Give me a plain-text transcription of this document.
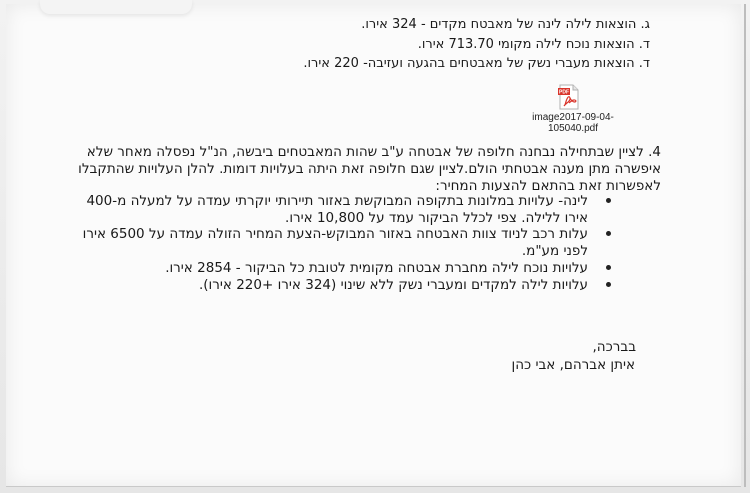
ג. הוצאות לילה לינה של מאבטח מקדים - 324 אירו.
ד. הוצאות נוכח לילה מקומי 713.70 אירו.
ד. הוצאות מעברי נשק של מאבטחים בהגעה ועזיבה- 220 אירו.
PDF
image2017-09-04-105040.pdf
4. לציין שבתחילה נבחנה חלופה של אבטחה ע"ב שהות המאבטחים ביבשה, הנ"ל נפסלה מאחר שלא
איפשרה מתן מענה אבטחתי הולם.לציין שגם חלופה זאת היתה בעלויות דומות. להלן העלויות שהתקבלו
לאפשרות זאת בהתאם להצעות המחיר:
לינה- עלויות במלונות בתקופה המבוקשת באזור תיירותי יוקרתי עמדה על למעלה מ-400
אירו ללילה. צפי לכלל הביקור עמד על 10,800 אירו.
עלות רכב לניוד צוות האבטחה באזור המבוקש-הצעת המחיר הזולה עמדה על 6500 אירו
לפני מע"מ.
עלויות נוכח לילה מחברת אבטחה מקומית לטובת כל הביקור - 2854 אירו.
עלויות לילה למקדים ומעברי נשק ללא שינוי (324 אירו +220 אירו).
בברכה,
איתן אברהם, אבי כהן
